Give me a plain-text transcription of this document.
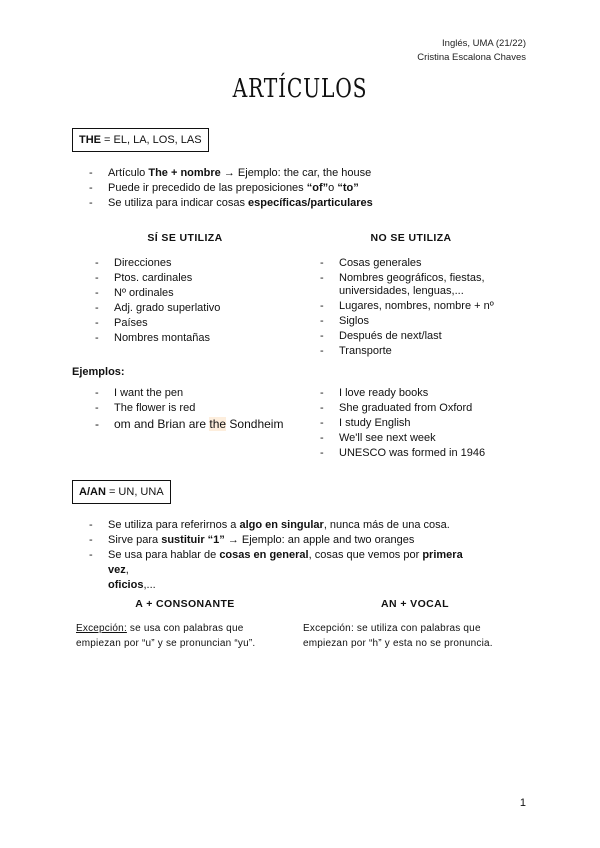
Inglés, UMA (21/22)
Cristina Escalona Chaves
ARTÍCULOS
THE = EL, LA, LOS, LAS
- Artículo The + nombre → Ejemplo: the car, the house
- Puede ir precedido de las preposiciones “of”o “to”
- Se utiliza para indicar cosas específicas/particulares
SÍ SE UTILIZA	NO SE UTILIZA
- Direcciones
- Ptos. cardinales
- Nº ordinales
- Adj. grado superlativo
- Países
- Nombres montañas
- Cosas generales
- Nombres geográficos, fiestas, universidades, lenguas,...
- Lugares, nombres, nombre + nº
- Siglos
- Después de next/last
- Transporte
Ejemplos:
- I want the pen
- The flower is red
- om and Brian are the Sondheim
- I love ready books
- She graduated from Oxford
- I study English
- We'll see next week
- UNESCO was formed in 1946
A/AN = UN, UNA
- Se utiliza para referirnos a algo en singular, nunca más de una cosa.
- Sirve para sustituir “1” → Ejemplo: an apple and two oranges
- Se usa para hablar de cosas en general, cosas que vemos por primera vez,
oficios,...
A + CONSONANTE	AN + VOCAL
Excepción: se usa con palabras que empiezan por “u” y se pronuncian “yu”.
Excepción: se utiliza con palabras que empiezan por “h” y esta no se pronuncia.
1
